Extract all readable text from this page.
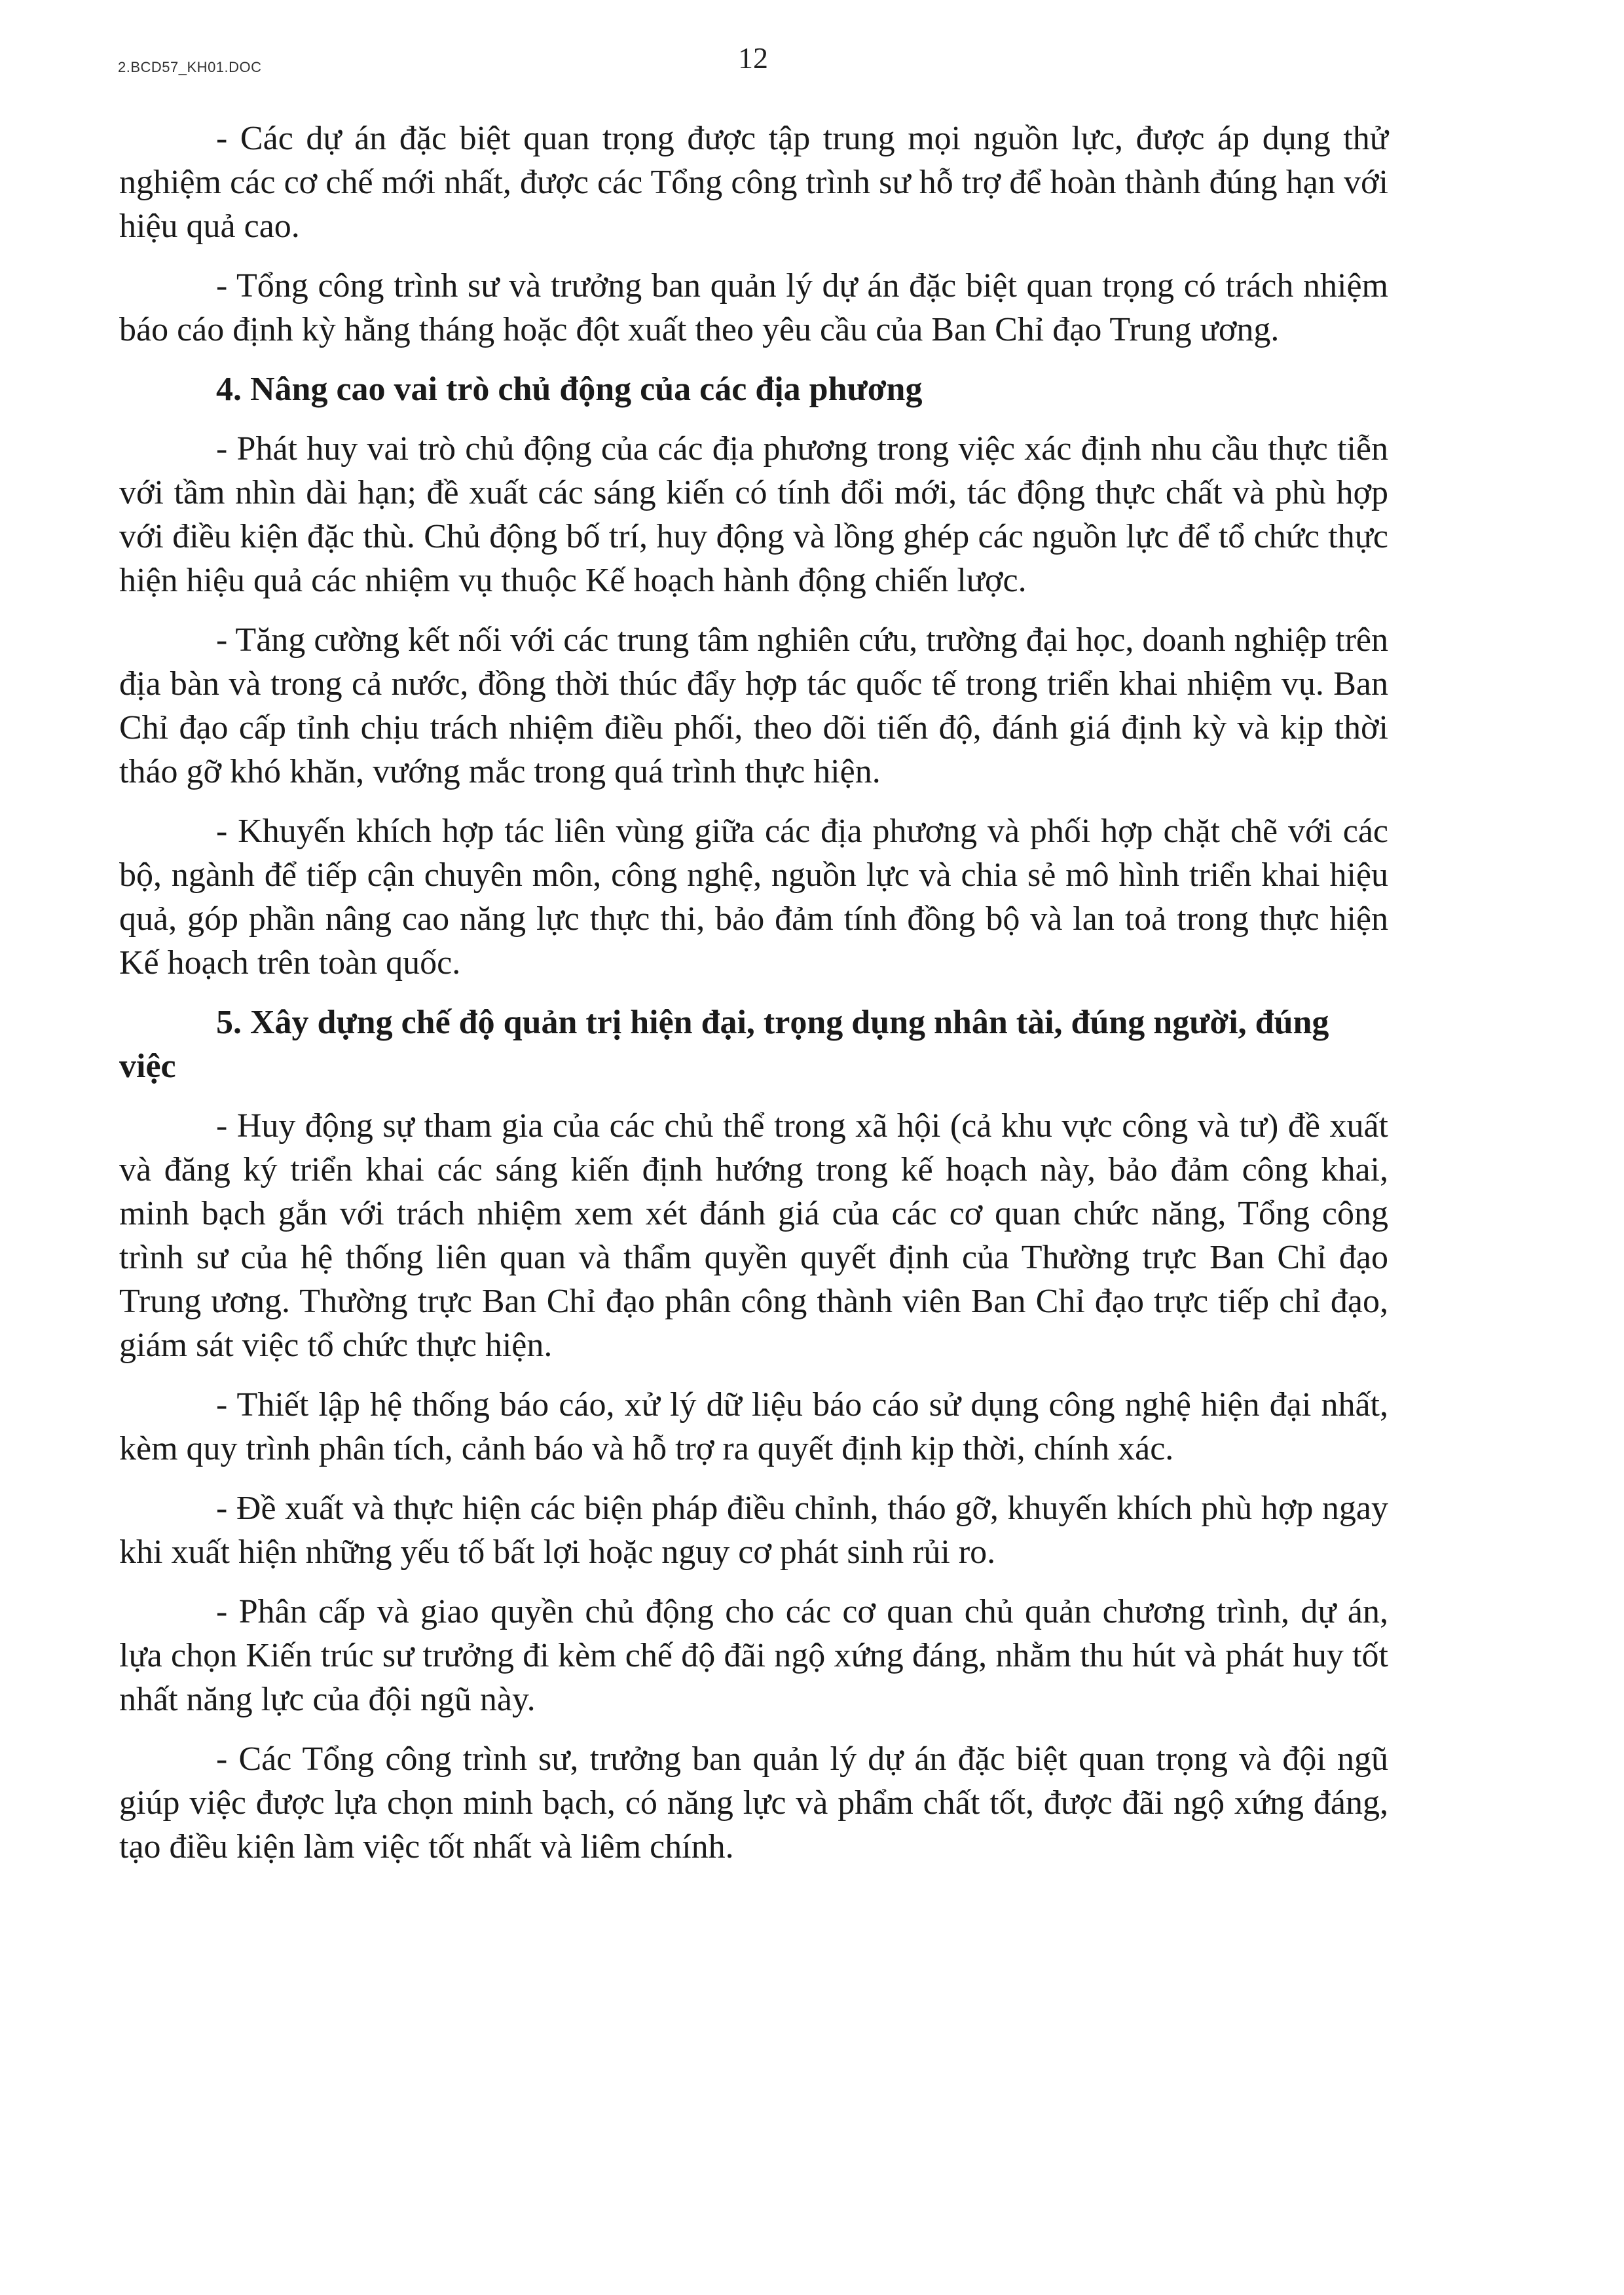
2.BCD57_KH01.DOC	12

- Các dự án đặc biệt quan trọng được tập trung mọi nguồn lực, được áp dụng thử nghiệm các cơ chế mới nhất, được các Tổng công trình sư hỗ trợ để hoàn thành đúng hạn với hiệu quả cao.

- Tổng công trình sư và trưởng ban quản lý dự án đặc biệt quan trọng có trách nhiệm báo cáo định kỳ hằng tháng hoặc đột xuất theo yêu cầu của Ban Chỉ đạo Trung ương.

4. Nâng cao vai trò chủ động của các địa phương

- Phát huy vai trò chủ động của các địa phương trong việc xác định nhu cầu thực tiễn với tầm nhìn dài hạn; đề xuất các sáng kiến có tính đổi mới, tác động thực chất và phù hợp với điều kiện đặc thù. Chủ động bố trí, huy động và lồng ghép các nguồn lực để tổ chức thực hiện hiệu quả các nhiệm vụ thuộc Kế hoạch hành động chiến lược.

- Tăng cường kết nối với các trung tâm nghiên cứu, trường đại học, doanh nghiệp trên địa bàn và trong cả nước, đồng thời thúc đẩy hợp tác quốc tế trong triển khai nhiệm vụ. Ban Chỉ đạo cấp tỉnh chịu trách nhiệm điều phối, theo dõi tiến độ, đánh giá định kỳ và kịp thời tháo gỡ khó khăn, vướng mắc trong quá trình thực hiện.

- Khuyến khích hợp tác liên vùng giữa các địa phương và phối hợp chặt chẽ với các bộ, ngành để tiếp cận chuyên môn, công nghệ, nguồn lực và chia sẻ mô hình triển khai hiệu quả, góp phần nâng cao năng lực thực thi, bảo đảm tính đồng bộ và lan toả trong thực hiện Kế hoạch trên toàn quốc.

5. Xây dựng chế độ quản trị hiện đại, trọng dụng nhân tài, đúng người, đúng việc

- Huy động sự tham gia của các chủ thể trong xã hội (cả khu vực công và tư) đề xuất và đăng ký triển khai các sáng kiến định hướng trong kế hoạch này, bảo đảm công khai, minh bạch gắn với trách nhiệm xem xét đánh giá của các cơ quan chức năng, Tổng công trình sư của hệ thống liên quan và thẩm quyền quyết định của Thường trực Ban Chỉ đạo Trung ương. Thường trực Ban Chỉ đạo phân công thành viên Ban Chỉ đạo trực tiếp chỉ đạo, giám sát việc tổ chức thực hiện.

- Thiết lập hệ thống báo cáo, xử lý dữ liệu báo cáo sử dụng công nghệ hiện đại nhất, kèm quy trình phân tích, cảnh báo và hỗ trợ ra quyết định kịp thời, chính xác.

- Đề xuất và thực hiện các biện pháp điều chỉnh, tháo gỡ, khuyến khích phù hợp ngay khi xuất hiện những yếu tố bất lợi hoặc nguy cơ phát sinh rủi ro.

- Phân cấp và giao quyền chủ động cho các cơ quan chủ quản chương trình, dự án, lựa chọn Kiến trúc sư trưởng đi kèm chế độ đãi ngộ xứng đáng, nhằm thu hút và phát huy tốt nhất năng lực của đội ngũ này.

- Các Tổng công trình sư, trưởng ban quản lý dự án đặc biệt quan trọng và đội ngũ giúp việc được lựa chọn minh bạch, có năng lực và phẩm chất tốt, được đãi ngộ xứng đáng, tạo điều kiện làm việc tốt nhất và liêm chính.
